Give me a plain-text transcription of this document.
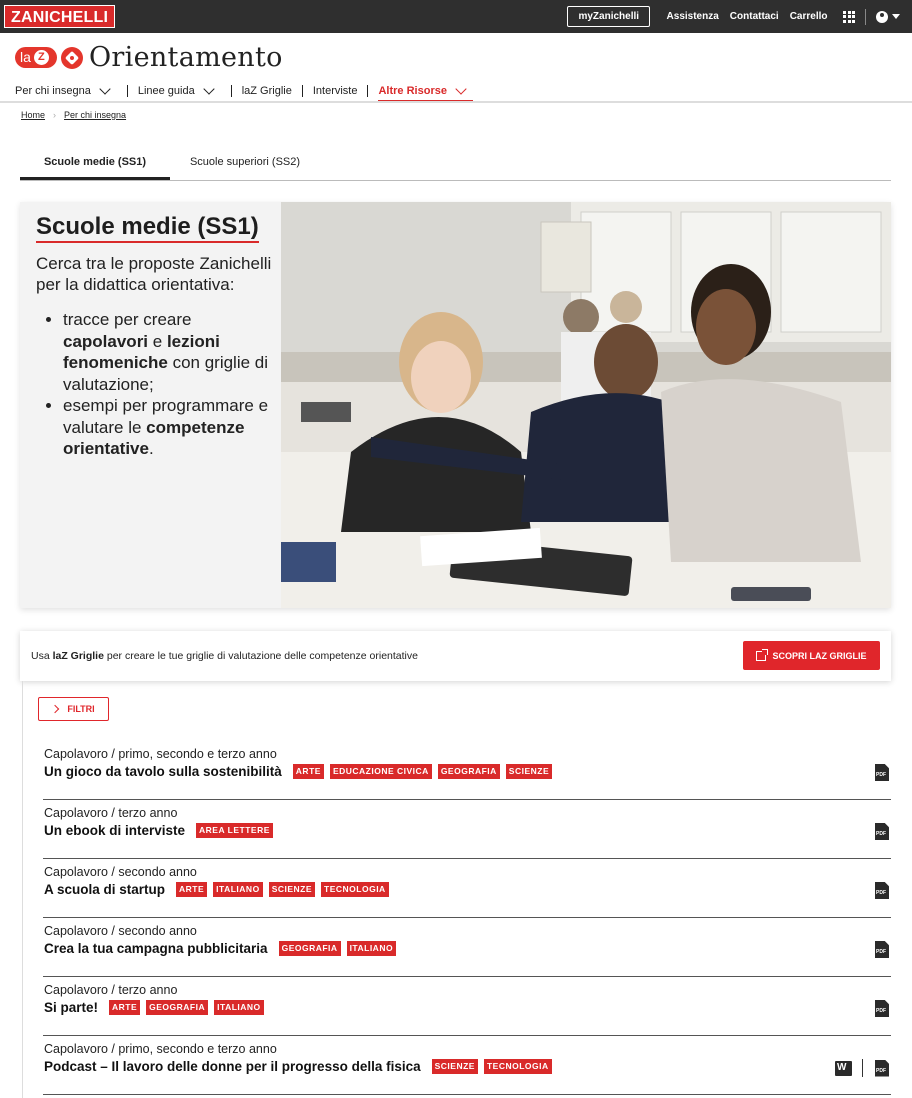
ZANICHELLI	myZanichelli	Assistenza Contattaci Carrello
la Z Orientamento
Per chi insegna	Linee guida	laZ Griglie Interviste Altre Risorse
Home › Per chi insegna
Scuole medie (SS1)	Scuole superiori (SS2)
Scuole medie (SS1)
Cerca tra le proposte Zanichelli per la didattica orientativa:
• tracce per creare capolavori e lezioni fenomeniche con griglie di valutazione;
• esempi per programmare e valutare le competenze orientative.
Usa laZ Griglie per creare le tue griglie di valutazione delle competenze orientative	SCOPRI LAZ GRIGLIE
FILTRI
Capolavoro / primo, secondo e terzo anno
Un gioco da tavolo sulla sostenibilità	ARTE	EDUCAZIONE CIVICA	GEOGRAFIA	SCIENZE
PDF
Capolavoro / terzo anno
Un ebook di interviste	AREA LETTERE
PDF
Capolavoro / secondo anno
A scuola di startup	ARTE	ITALIANO	SCIENZE	TECNOLOGIA
PDF
Capolavoro / secondo anno
Crea la tua campagna pubblicitaria	GEOGRAFIA	ITALIANO
PDF
Capolavoro / terzo anno
Si parte!	ARTE	GEOGRAFIA	ITALIANO
PDF
Capolavoro / primo, secondo e terzo anno
Podcast – Il lavoro delle donne per il progresso della fisica	SCIENZE	TECNOLOGIA
W
PDF
